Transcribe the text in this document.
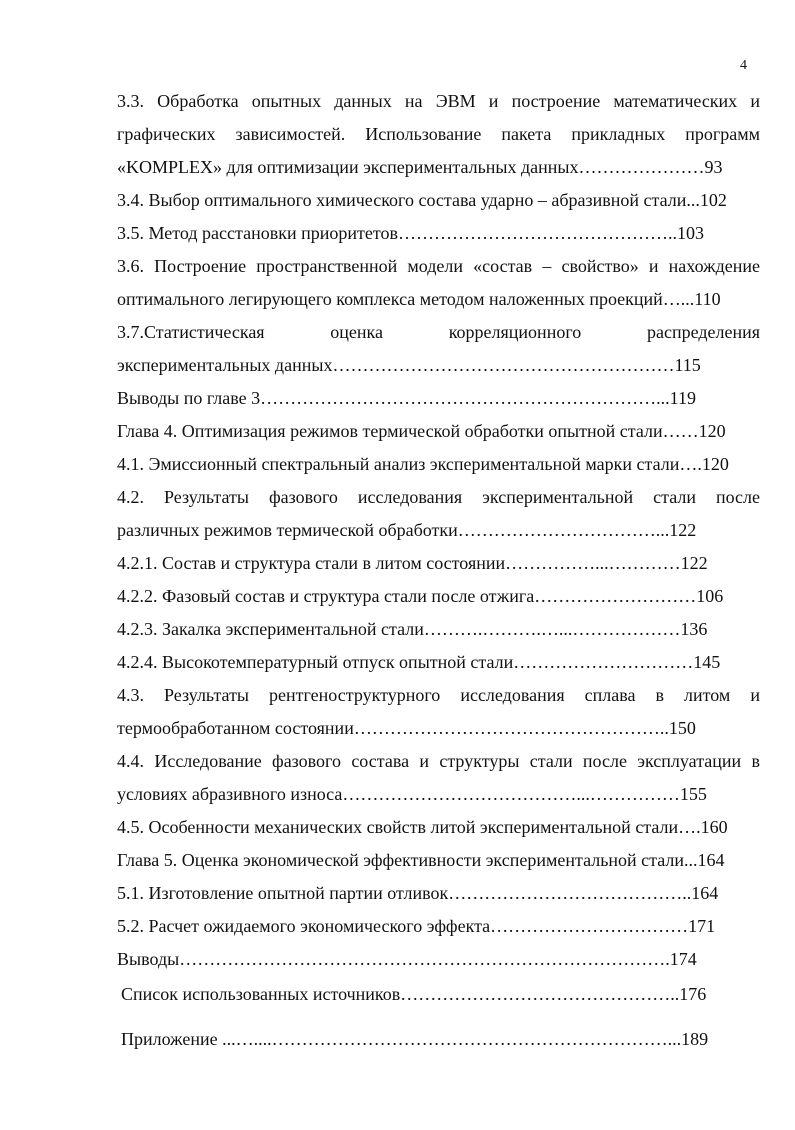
4
3.3. Обработка опытных данных на ЭВМ и построение математических и
графических зависимостей. Использование пакета прикладных программ
«KOMPLEX» для оптимизации экспериментальных данных…………………93
3.4. Выбор оптимального химического состава ударно – абразивной стали...102
3.5. Метод расстановки приоритетов………………………………………..103
3.6. Построение пространственной модели «состав – свойство» и нахождение
оптимального легирующего комплекса методом наложенных проекций…...110
3.7.Статистическая оценка корреляционного распределения
экспериментальных данных…………………………………………………115
Выводы по главе 3…………………………………………………………...119
Глава 4. Оптимизация режимов термической обработки опытной стали……120
4.1. Эмиссионный спектральный анализ экспериментальной марки стали….120
4.2. Результаты фазового исследования экспериментальной стали после
различных режимов термической обработки……………………………...122
4.2.1. Состав и структура стали в литом состоянии……………...…………122
4.2.2. Фазовый состав и структура стали после отжига………………………106
4.2.3. Закалка экспериментальной стали……….……….…...………………136
4.2.4. Высокотемпературный отпуск опытной стали…………………………145
4.3. Результаты рентгеноструктурного исследования сплава в литом и
термообработанном состоянии……………………………………………..150
4.4. Исследование фазового состава и структуры стали после эксплуатации в
условиях абразивного износа…………………………………...……………155
4.5. Особенности механических свойств литой экспериментальной стали….160
Глава 5. Оценка экономической эффективности экспериментальной стали...164
5.1. Изготовление опытной партии отливок…………………………………..164
5.2. Расчет ожидаемого экономического эффекта……………………………171
Выводы……………………………………………………………………….174
Список использованных источников………………………………………..176
Приложение ...…....…………………………………………………………...189
